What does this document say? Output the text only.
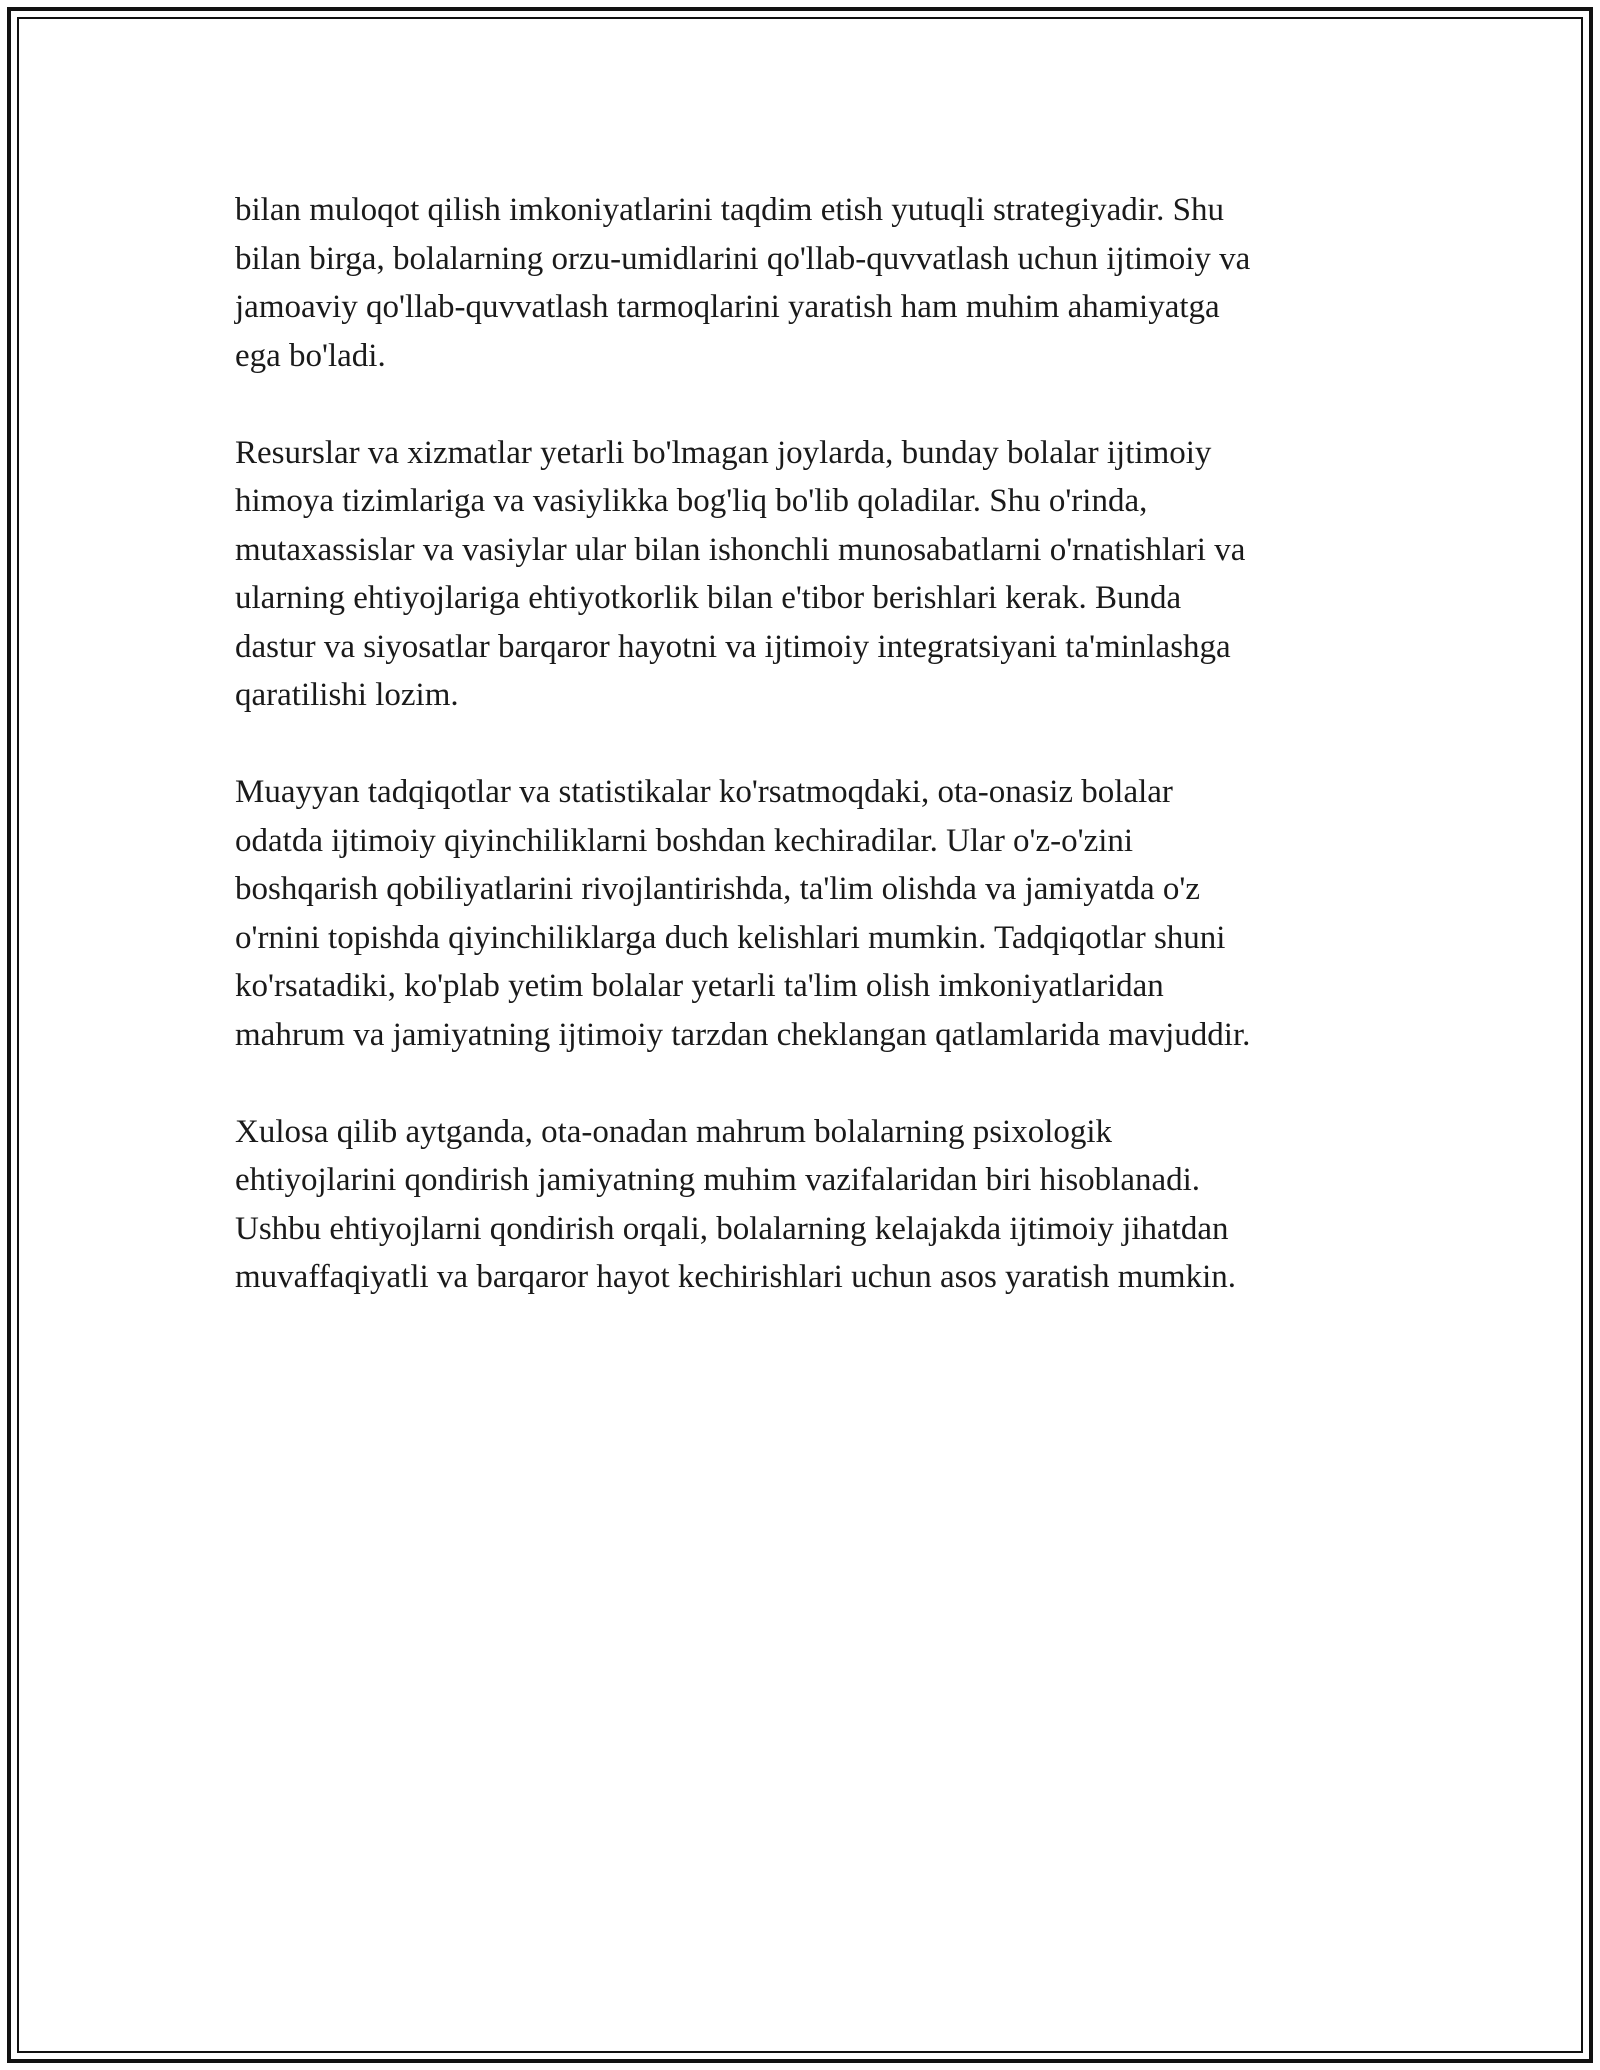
bilan muloqot qilish imkoniyatlarini taqdim etish yutuqli strategiyadir. Shu
bilan birga, bolalarning orzu-umidlarini qo'llab-quvvatlash uchun ijtimoiy va
jamoaviy qo'llab-quvvatlash tarmoqlarini yaratish ham muhim ahamiyatga
ega bo'ladi.

Resurslar va xizmatlar yetarli bo'lmagan joylarda, bunday bolalar ijtimoiy
himoya tizimlariga va vasiylikka bog'liq bo'lib qoladilar. Shu o'rinda,
mutaxassislar va vasiylar ular bilan ishonchli munosabatlarni o'rnatishlari va
ularning ehtiyojlariga ehtiyotkorlik bilan e'tibor berishlari kerak. Bunda
dastur va siyosatlar barqaror hayotni va ijtimoiy integratsiyani ta'minlashga
qaratilishi lozim.

Muayyan tadqiqotlar va statistikalar ko'rsatmoqdaki, ota-onasiz bolalar
odatda ijtimoiy qiyinchiliklarni boshdan kechiradilar. Ular o'z-o'zini
boshqarish qobiliyatlarini rivojlantirishda, ta'lim olishda va jamiyatda o'z
o'rnini topishda qiyinchiliklarga duch kelishlari mumkin. Tadqiqotlar shuni
ko'rsatadiki, ko'plab yetim bolalar yetarli ta'lim olish imkoniyatlaridan
mahrum va jamiyatning ijtimoiy tarzdan cheklangan qatlamlarida mavjuddir.

Xulosa qilib aytganda, ota-onadan mahrum bolalarning psixologik
ehtiyojlarini qondirish jamiyatning muhim vazifalaridan biri hisoblanadi.
Ushbu ehtiyojlarni qondirish orqali, bolalarning kelajakda ijtimoiy jihatdan
muvaffaqiyatli va barqaror hayot kechirishlari uchun asos yaratish mumkin.
